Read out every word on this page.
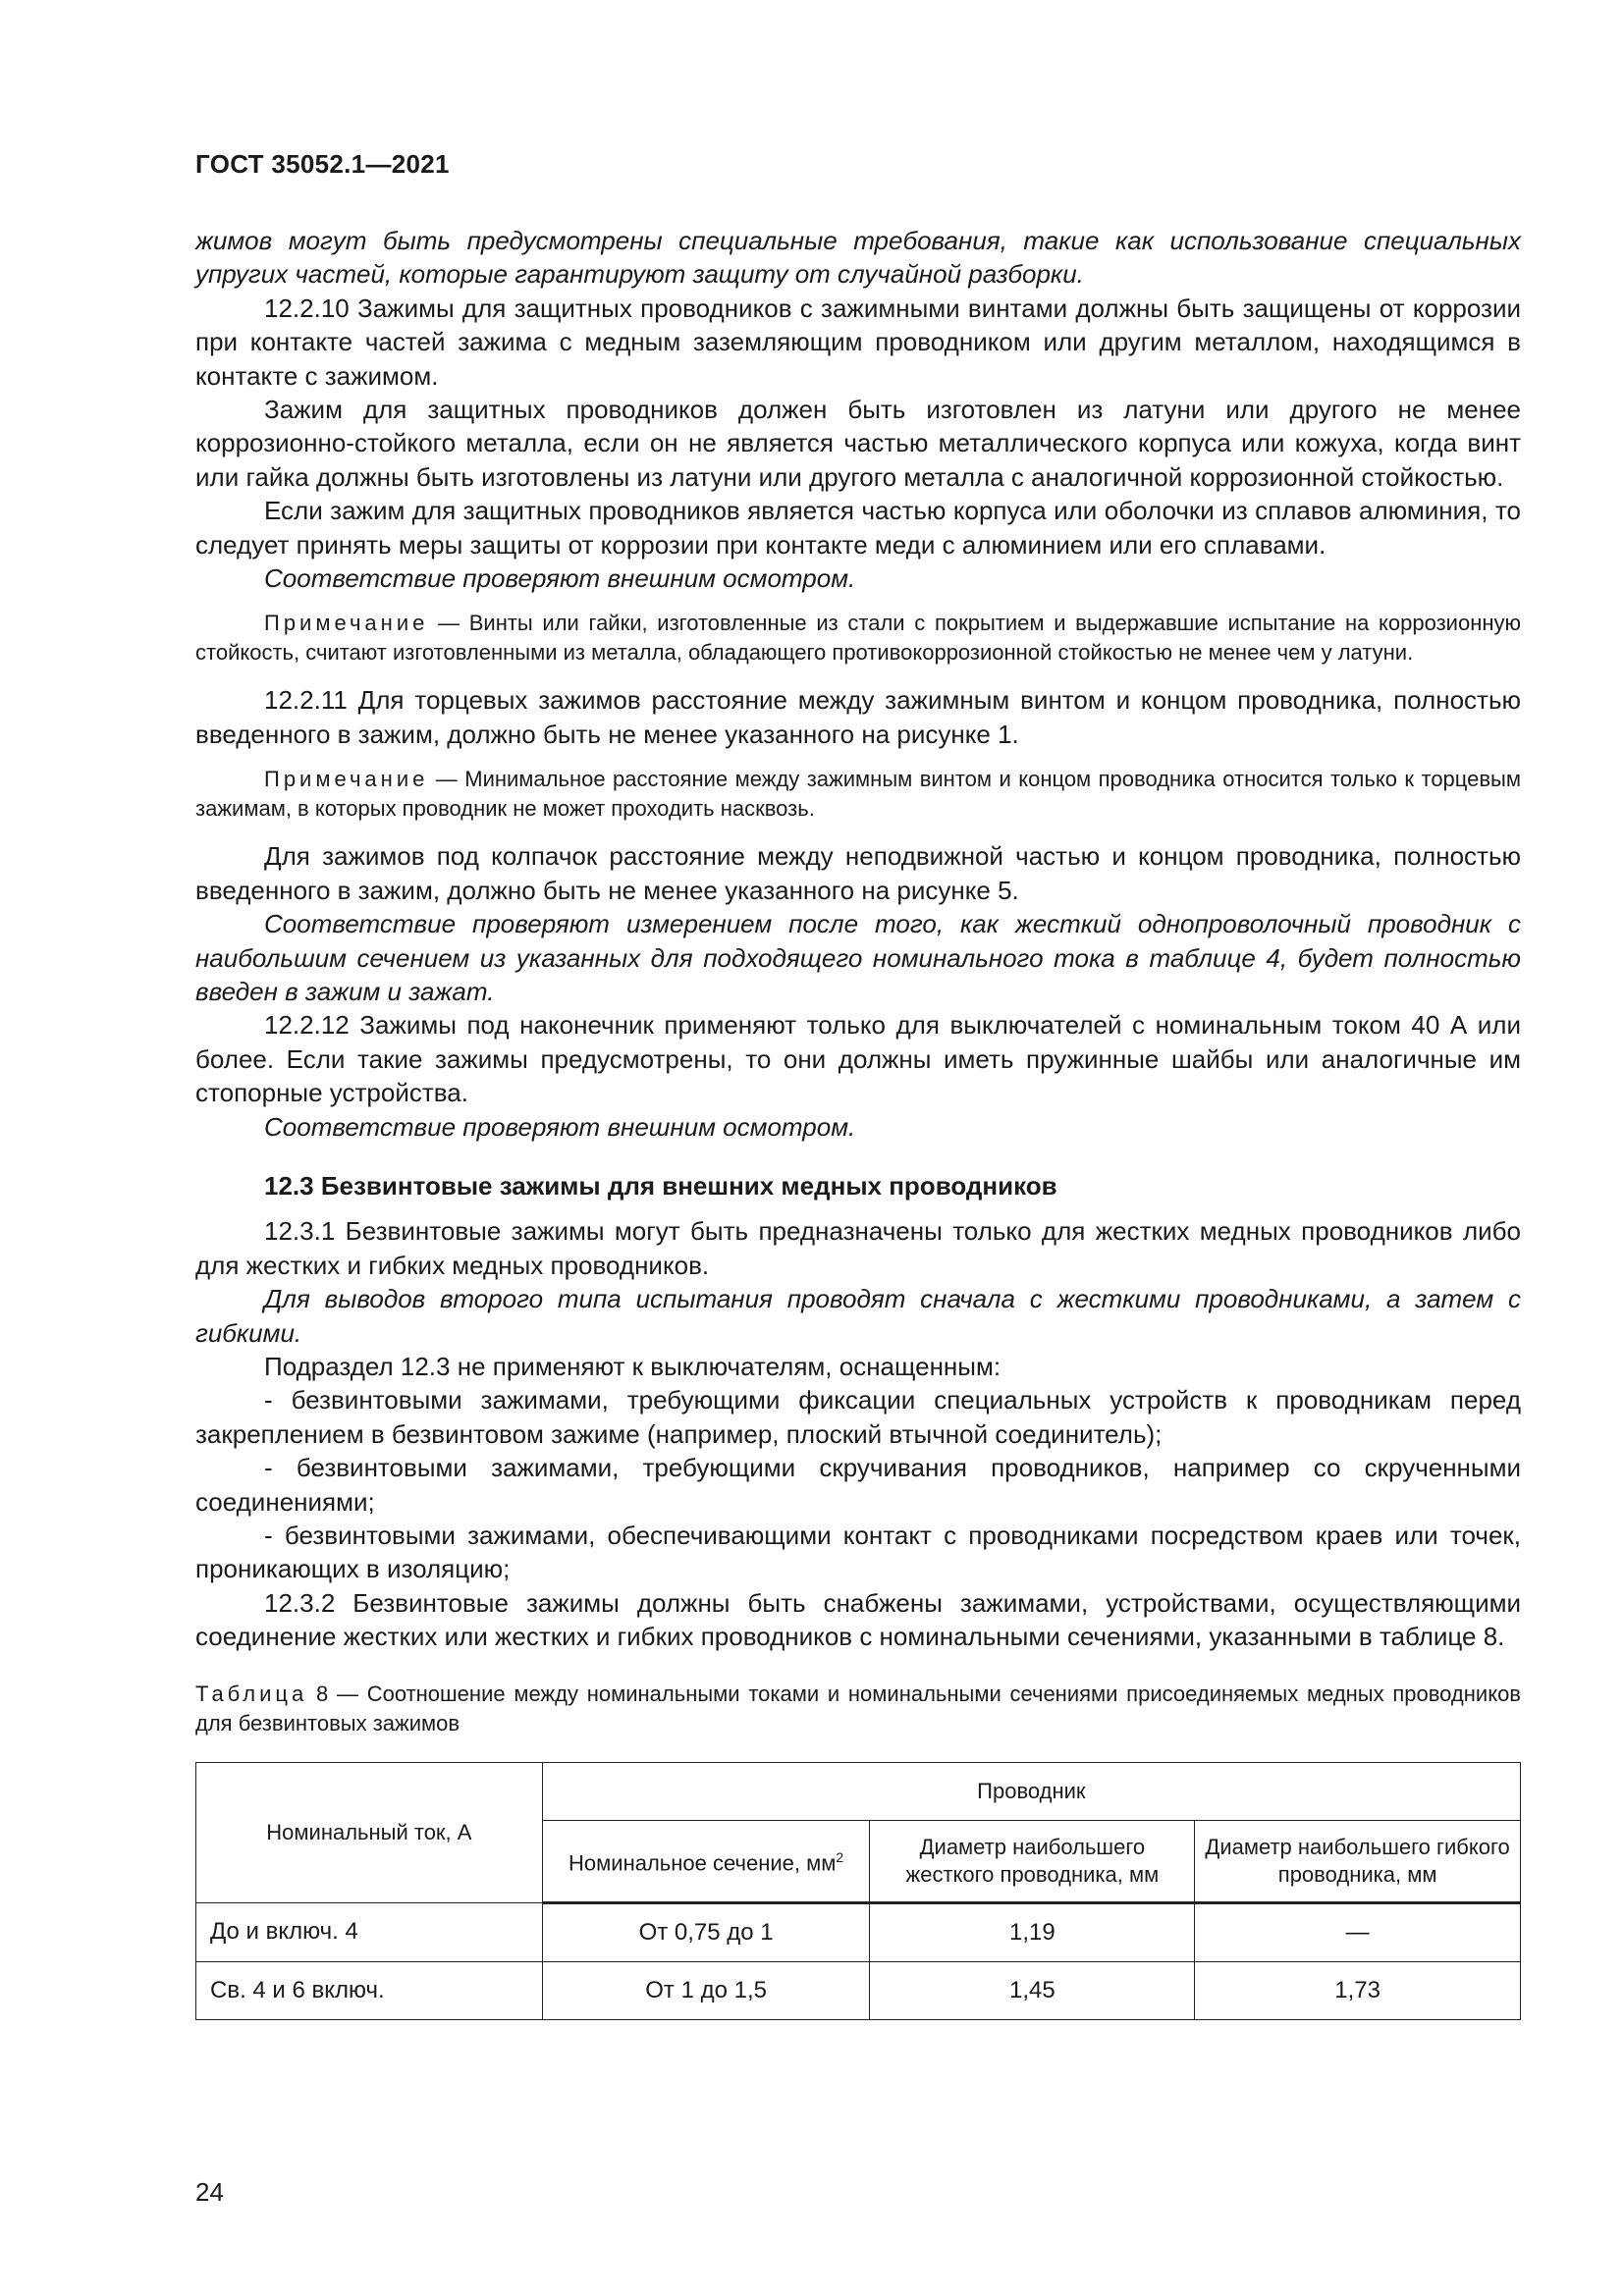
ГОСТ 35052.1—2021

жимов могут быть предусмотрены специальные требования, такие как использование специальных упругих частей, которые гарантируют защиту от случайной разборки.

12.2.10 Зажимы для защитных проводников с зажимными винтами должны быть защищены от коррозии при контакте частей зажима с медным заземляющим проводником или другим металлом, находящимся в контакте с зажимом.

Зажим для защитных проводников должен быть изготовлен из латуни или другого не менее коррозионно-стойкого металла, если он не является частью металлического корпуса или кожуха, когда винт или гайка должны быть изготовлены из латуни или другого металла с аналогичной коррозионной стойкостью.

Если зажим для защитных проводников является частью корпуса или оболочки из сплавов алюминия, то следует принять меры защиты от коррозии при контакте меди с алюминием или его сплавами.

Соответствие проверяют внешним осмотром.

Примечание — Винты или гайки, изготовленные из стали с покрытием и выдержавшие испытание на коррозионную стойкость, считают изготовленными из металла, обладающего противокоррозионной стойкостью не менее чем у латуни.

12.2.11 Для торцевых зажимов расстояние между зажимным винтом и концом проводника, полностью введенного в зажим, должно быть не менее указанного на рисунке 1.

Примечание — Минимальное расстояние между зажимным винтом и концом проводника относится только к торцевым зажимам, в которых проводник не может проходить насквозь.

Для зажимов под колпачок расстояние между неподвижной частью и концом проводника, полностью введенного в зажим, должно быть не менее указанного на рисунке 5.

Соответствие проверяют измерением после того, как жесткий однопроволочный проводник с наибольшим сечением из указанных для подходящего номинального тока в таблице 4, будет полностью введен в зажим и зажат.

12.2.12 Зажимы под наконечник применяют только для выключателей с номинальным током 40 А или более. Если такие зажимы предусмотрены, то они должны иметь пружинные шайбы или аналогичные им стопорные устройства.

Соответствие проверяют внешним осмотром.

12.3 Безвинтовые зажимы для внешних медных проводников

12.3.1 Безвинтовые зажимы могут быть предназначены только для жестких медных проводников либо для жестких и гибких медных проводников.

Для выводов второго типа испытания проводят сначала с жесткими проводниками, а затем с гибкими.

Подраздел 12.3 не применяют к выключателям, оснащенным:

- безвинтовыми зажимами, требующими фиксации специальных устройств к проводникам перед закреплением в безвинтовом зажиме (например, плоский втычной соединитель);

- безвинтовыми зажимами, требующими скручивания проводников, например со скрученными соединениями;

- безвинтовыми зажимами, обеспечивающими контакт с проводниками посредством краев или точек, проникающих в изоляцию;

12.3.2 Безвинтовые зажимы должны быть снабжены зажимами, устройствами, осуществляющими соединение жестких или жестких и гибких проводников с номинальными сечениями, указанными в таблице 8.

Таблица 8 — Соотношение между номинальными токами и номинальными сечениями присоединяемых медных проводников для безвинтовых зажимов

Номинальный ток, А	Проводник		
	Номинальное сечение, $мм^2$	Диаметр наибольшего жесткого проводника, мм	Диаметр наибольшего гибкого проводника, мм
До и включ. 4	От 0,75 до 1	1,19	—
Св. 4 и 6 включ.	От 1 до 1,5	1,45	1,73
24
